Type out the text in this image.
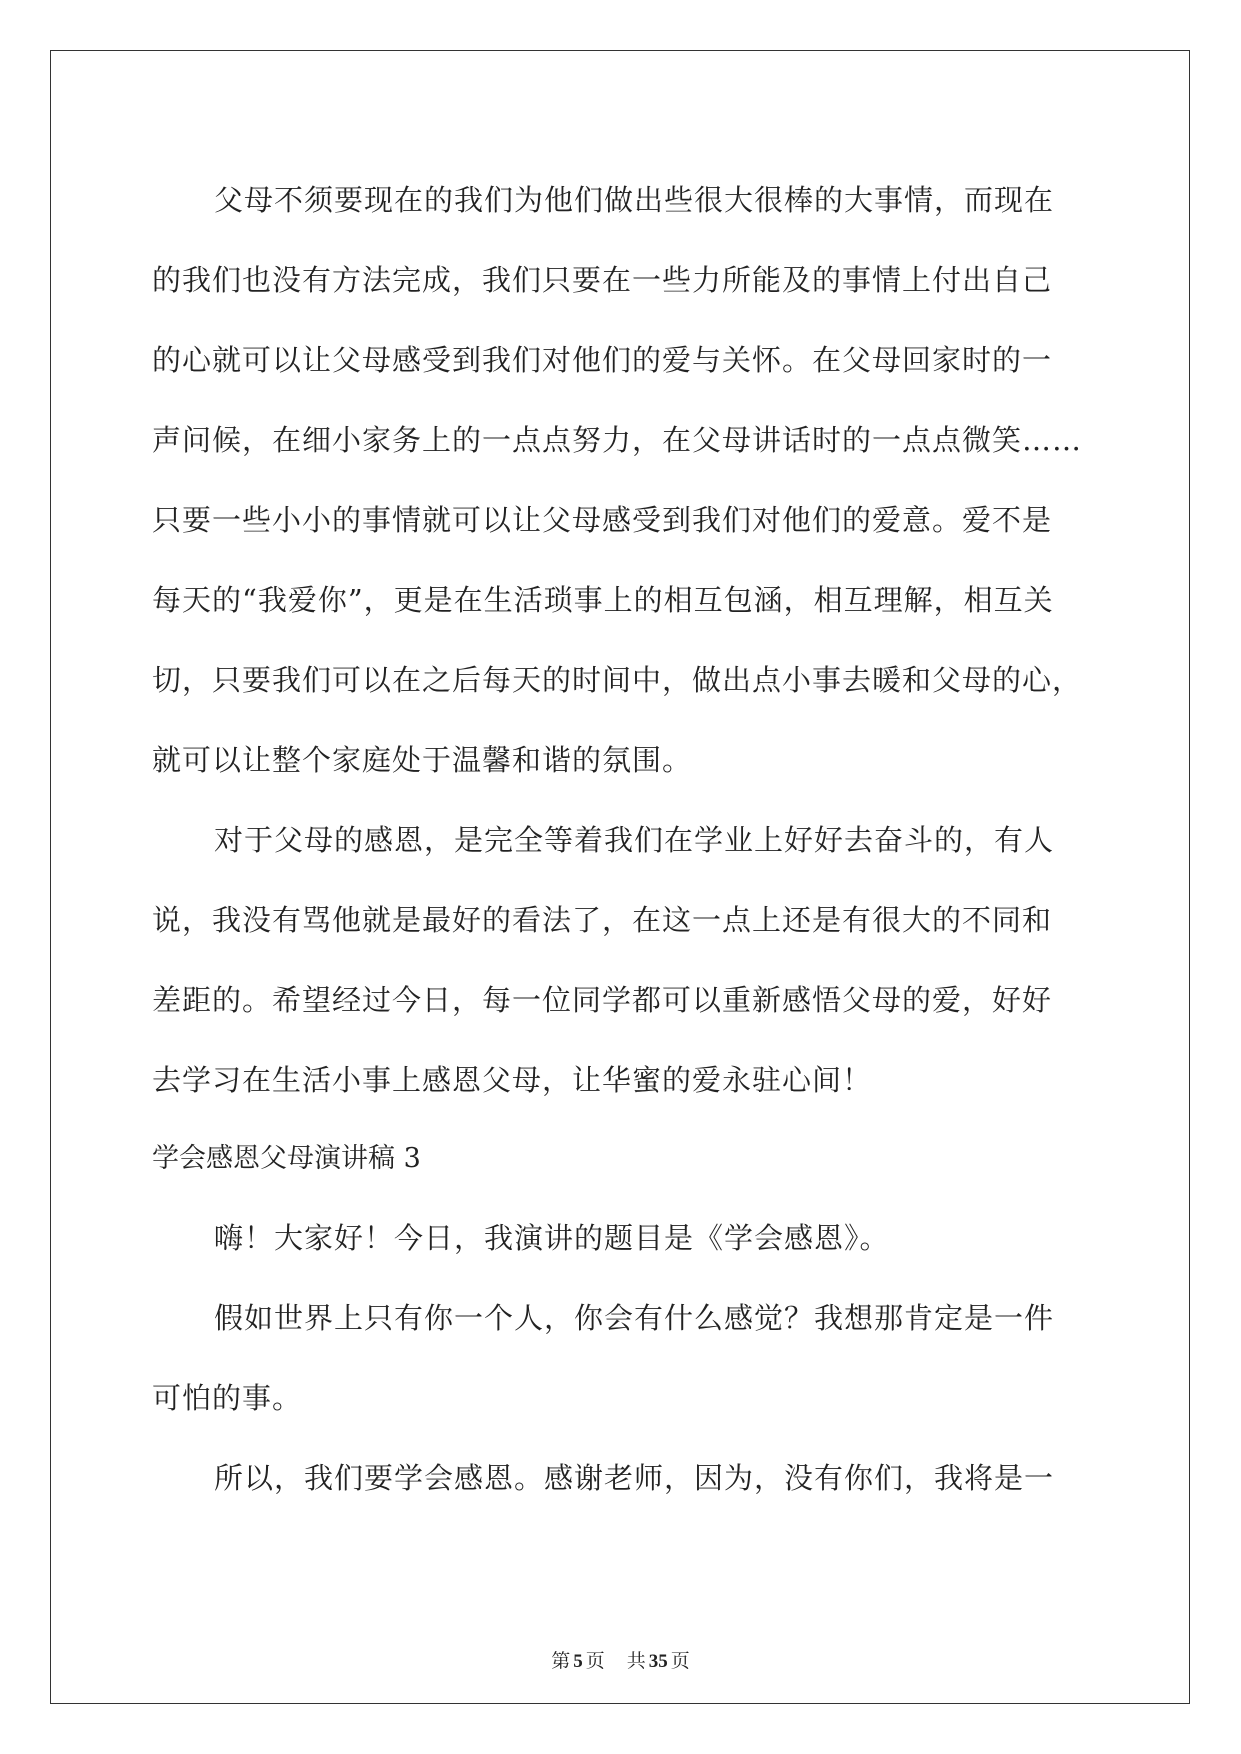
父母不须要现在的我们为他们做出些很大很棒的大事情，而现在
的我们也没有方法完成，我们只要在一些力所能及的事情上付出自己
的心就可以让父母感受到我们对他们的爱与关怀。在父母回家时的一
声问候，在细小家务上的一点点努力，在父母讲话时的一点点微笑……
只要一些小小的事情就可以让父母感受到我们对他们的爱意。爱不是
每天的“我爱你”，更是在生活琐事上的相互包涵，相互理解，相互关
切，只要我们可以在之后每天的时间中，做出点小事去暖和父母的心，
就可以让整个家庭处于温馨和谐的氛围。
对于父母的感恩，是完全等着我们在学业上好好去奋斗的，有人
说，我没有骂他就是最好的看法了，在这一点上还是有很大的不同和
差距的。希望经过今日，每一位同学都可以重新感悟父母的爱，好好
去学习在生活小事上感恩父母，让华蜜的爱永驻心间！
学会感恩父母演讲稿 3
嗨！大家好！今日，我演讲的题目是《学会感恩》。
假如世界上只有你一个人，你会有什么感觉？我想那肯定是一件
可怕的事。
所以，我们要学会感恩。感谢老师，因为，没有你们，我将是一
第 5 页 共 35 页
